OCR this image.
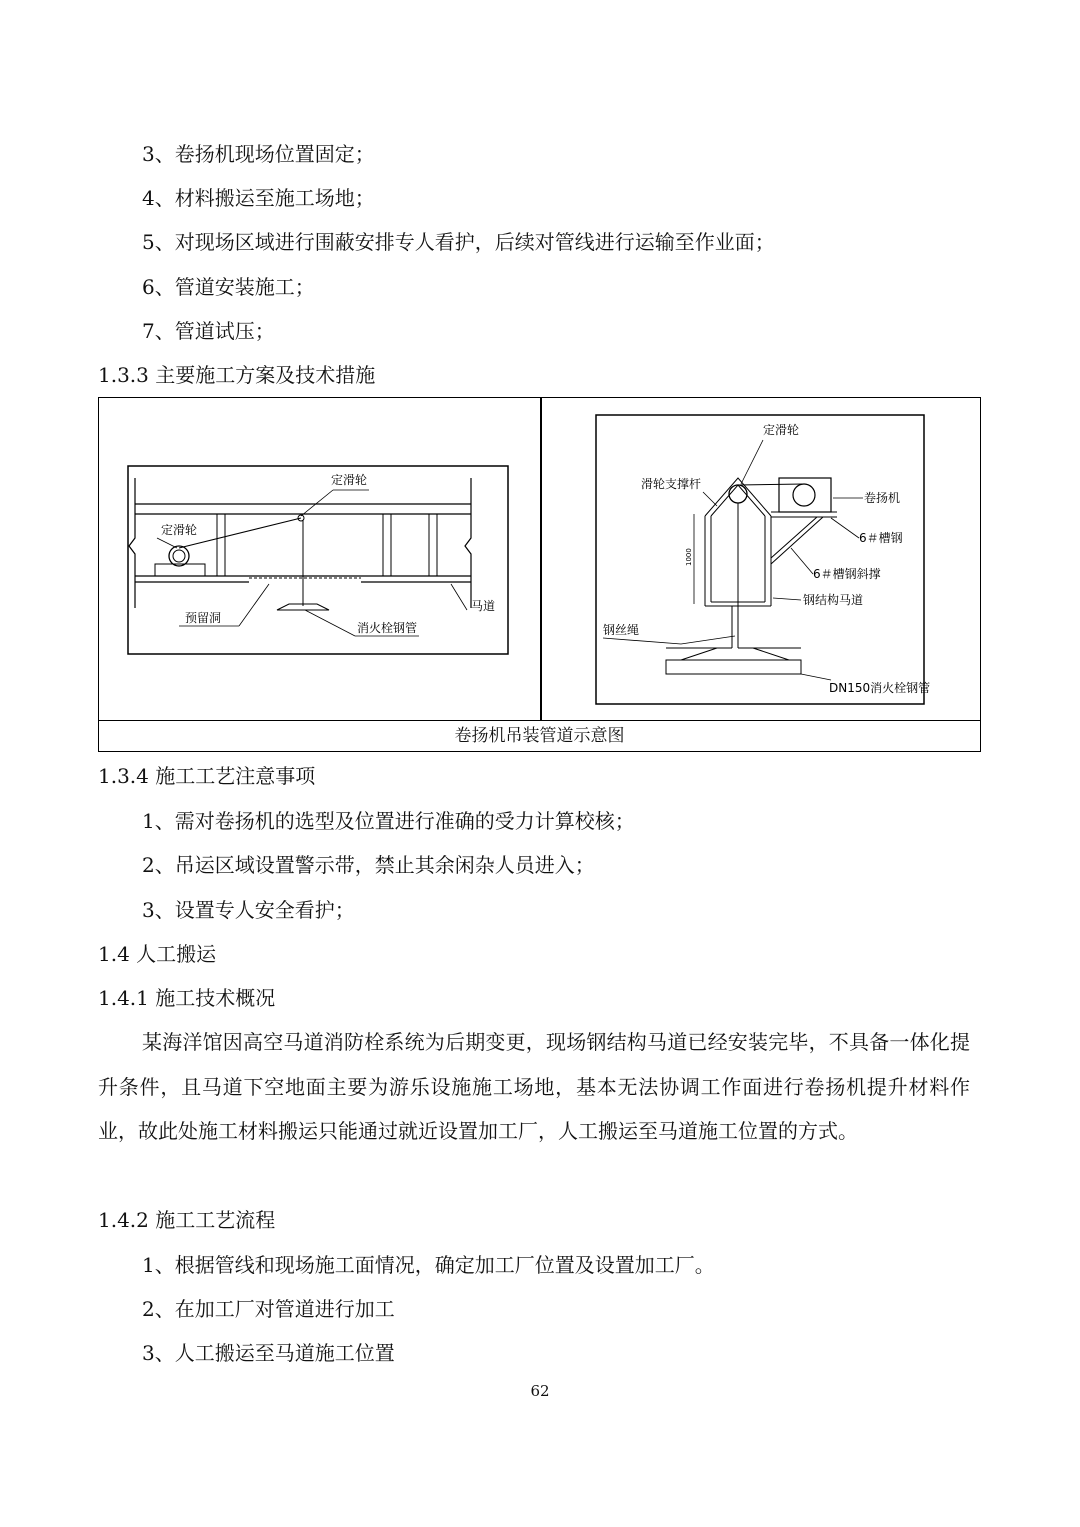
3、卷扬机现场位置固定；
4、材料搬运至施工场地；
5、对现场区域进行围蔽安排专人看护，后续对管线进行运输至作业面；
6、管道安装施工；
7、管道试压；
1.3.3 主要施工方案及技术措施
定滑轮
定滑轮
预留洞
马道
消火栓钢管
1000
定滑轮
滑轮支撑杆
卷扬机
6＃槽钢
6＃槽钢斜撑
钢结构马道
钢丝绳
DN150消火栓钢管
卷扬机吊装管道示意图
1.3.4 施工工艺注意事项
1、需对卷扬机的选型及位置进行准确的受力计算校核；
2、吊运区域设置警示带，禁止其余闲杂人员进入；
3、设置专人安全看护；
1.4 人工搬运
1.4.1 施工技术概况
某海洋馆因高空马道消防栓系统为后期变更，现场钢结构马道已经安装完毕，不具备一体化提升条件，且马道下空地面主要为游乐设施施工场地，基本无法协调工作面进行卷扬机提升材料作业，故此处施工材料搬运只能通过就近设置加工厂，人工搬运至马道施工位置的方式。
1.4.2 施工工艺流程
1、根据管线和现场施工面情况，确定加工厂位置及设置加工厂。
2、在加工厂对管道进行加工
3、人工搬运至马道施工位置
62
